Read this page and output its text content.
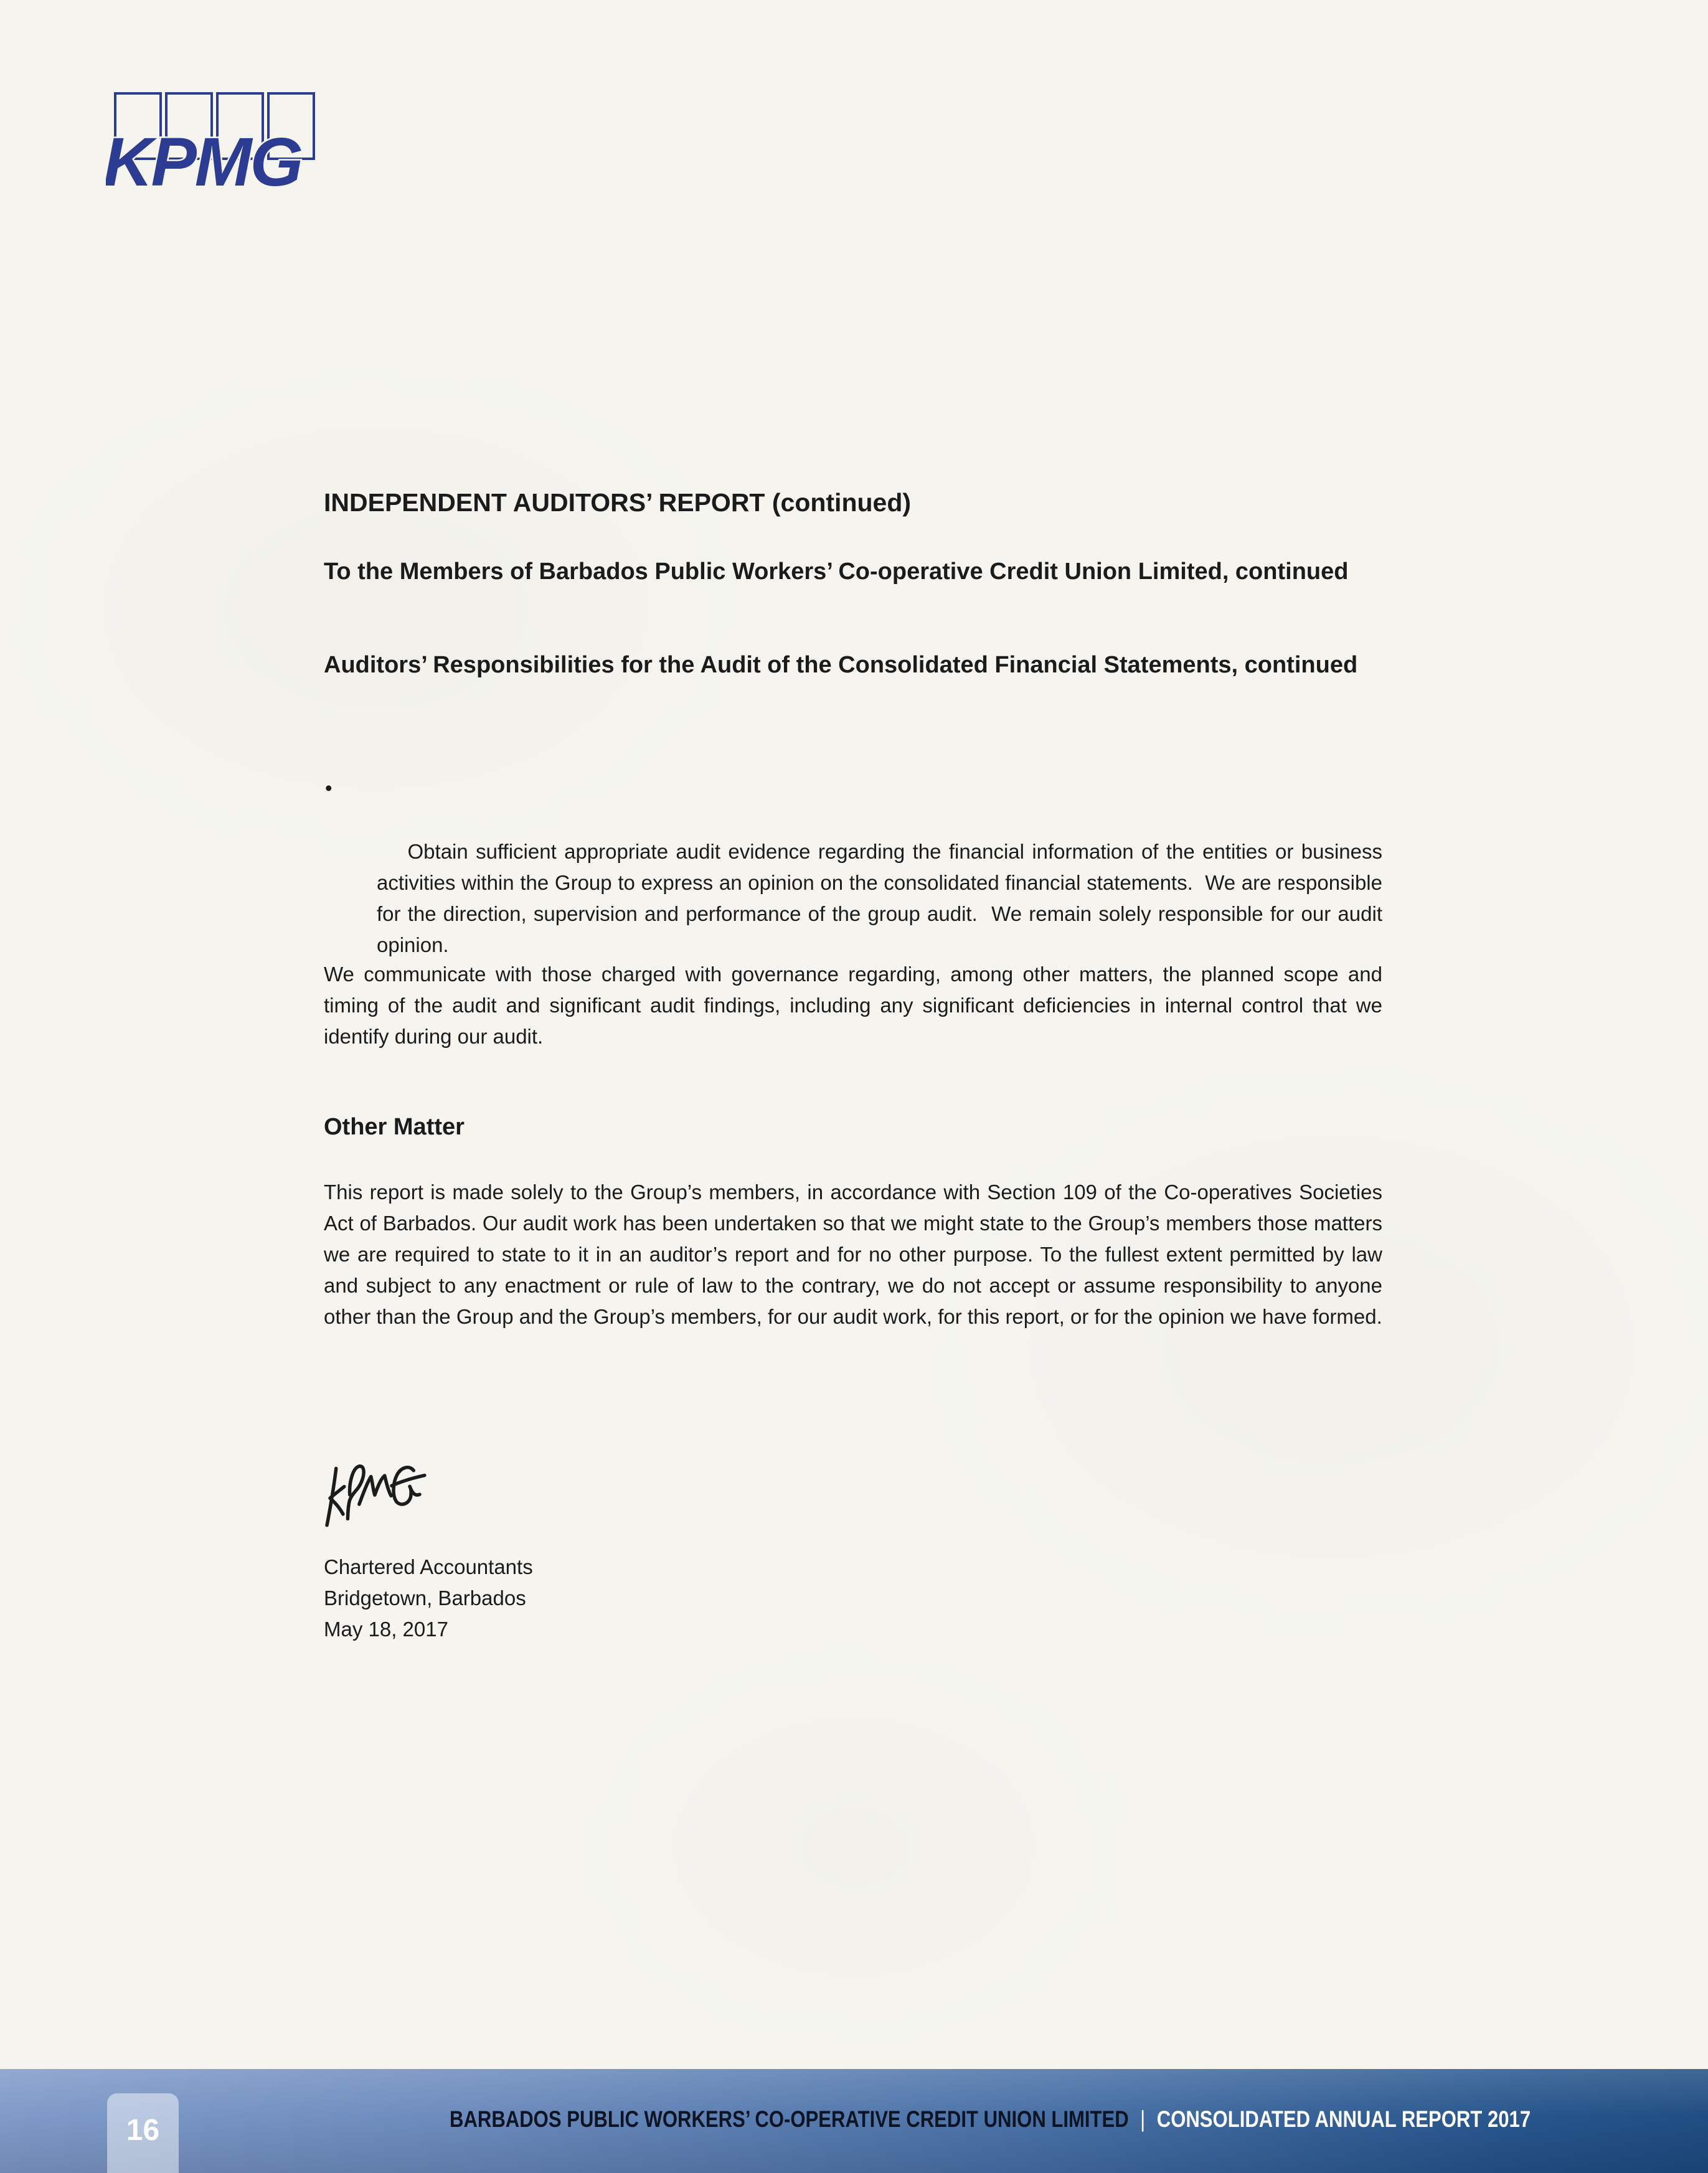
KPMG
INDEPENDENT AUDITORS’ REPORT (continued)
To the Members of Barbados Public Workers’ Co-operative Credit Union Limited, continued
Auditors’ Responsibilities for the Audit of the Consolidated Financial Statements, continued

•

Obtain sufficient appropriate audit evidence regarding the financial information of the entities or business activities within the Group to express an opinion on the consolidated financial statements.  We are responsible for the direction, supervision and performance of the group audit.  We remain solely responsible for our audit opinion.

We communicate with those charged with governance regarding, among other matters, the planned scope and timing of the audit and significant audit findings, including any significant deficiencies in internal control that we identify during our audit.
Other Matter
This report is made solely to the Group’s members, in accordance with Section 109 of the Co-operatives Societies Act of Barbados. Our audit work has been undertaken so that we might state to the Group’s members those matters we are required to state to it in an auditor’s report and for no other purpose. To the fullest extent permitted by law and subject to any enactment or rule of law to the contrary, we do not accept or assume responsibility to anyone other than the Group and the Group’s members, for our audit work, for this report, or for the opinion we have formed.
Chartered Accountants
Bridgetown, Barbados
May 18, 2017
16	BARBADOS PUBLIC WORKERS’ CO-OPERATIVE CREDIT UNION LIMITED | CONSOLIDATED ANNUAL REPORT 2017
